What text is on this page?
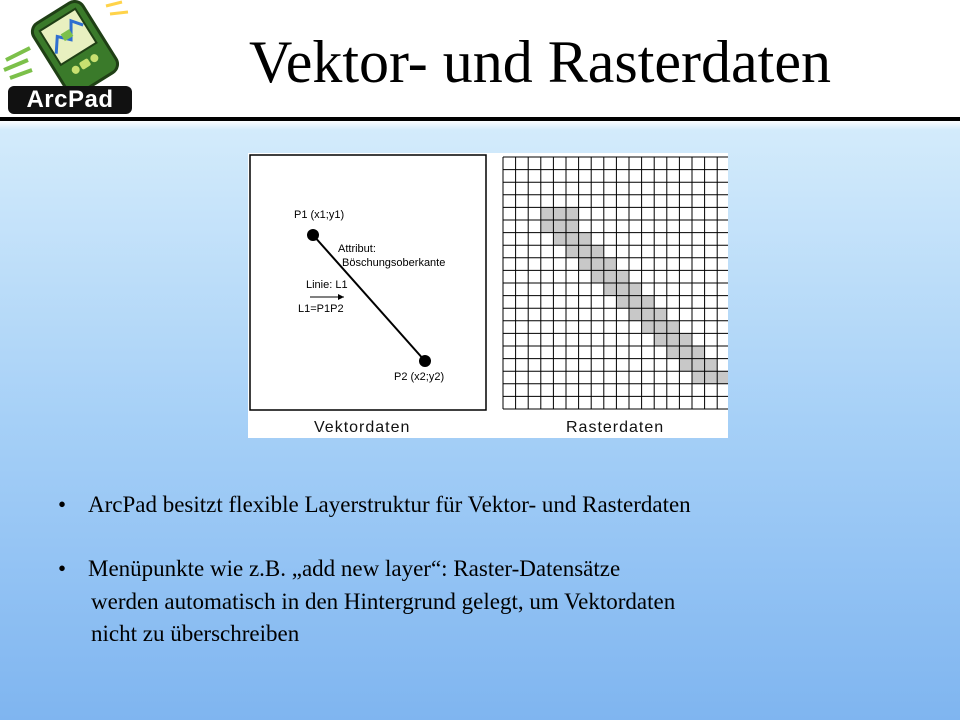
ArcPad
Vektor- und Rasterdaten
P1 (x1;y1)
Attribut:
Böschungsoberkante
Linie: L1
L1=P1P2
P2 (x2;y2)
Vektordaten	Rasterdaten
• ArcPad besitzt flexible Layerstruktur für Vektor- und Rasterdaten
• Menüpunkte wie z.B. „add new layer“: Raster-Datensätze
werden automatisch in den Hintergrund gelegt, um Vektordaten
nicht zu überschreiben
